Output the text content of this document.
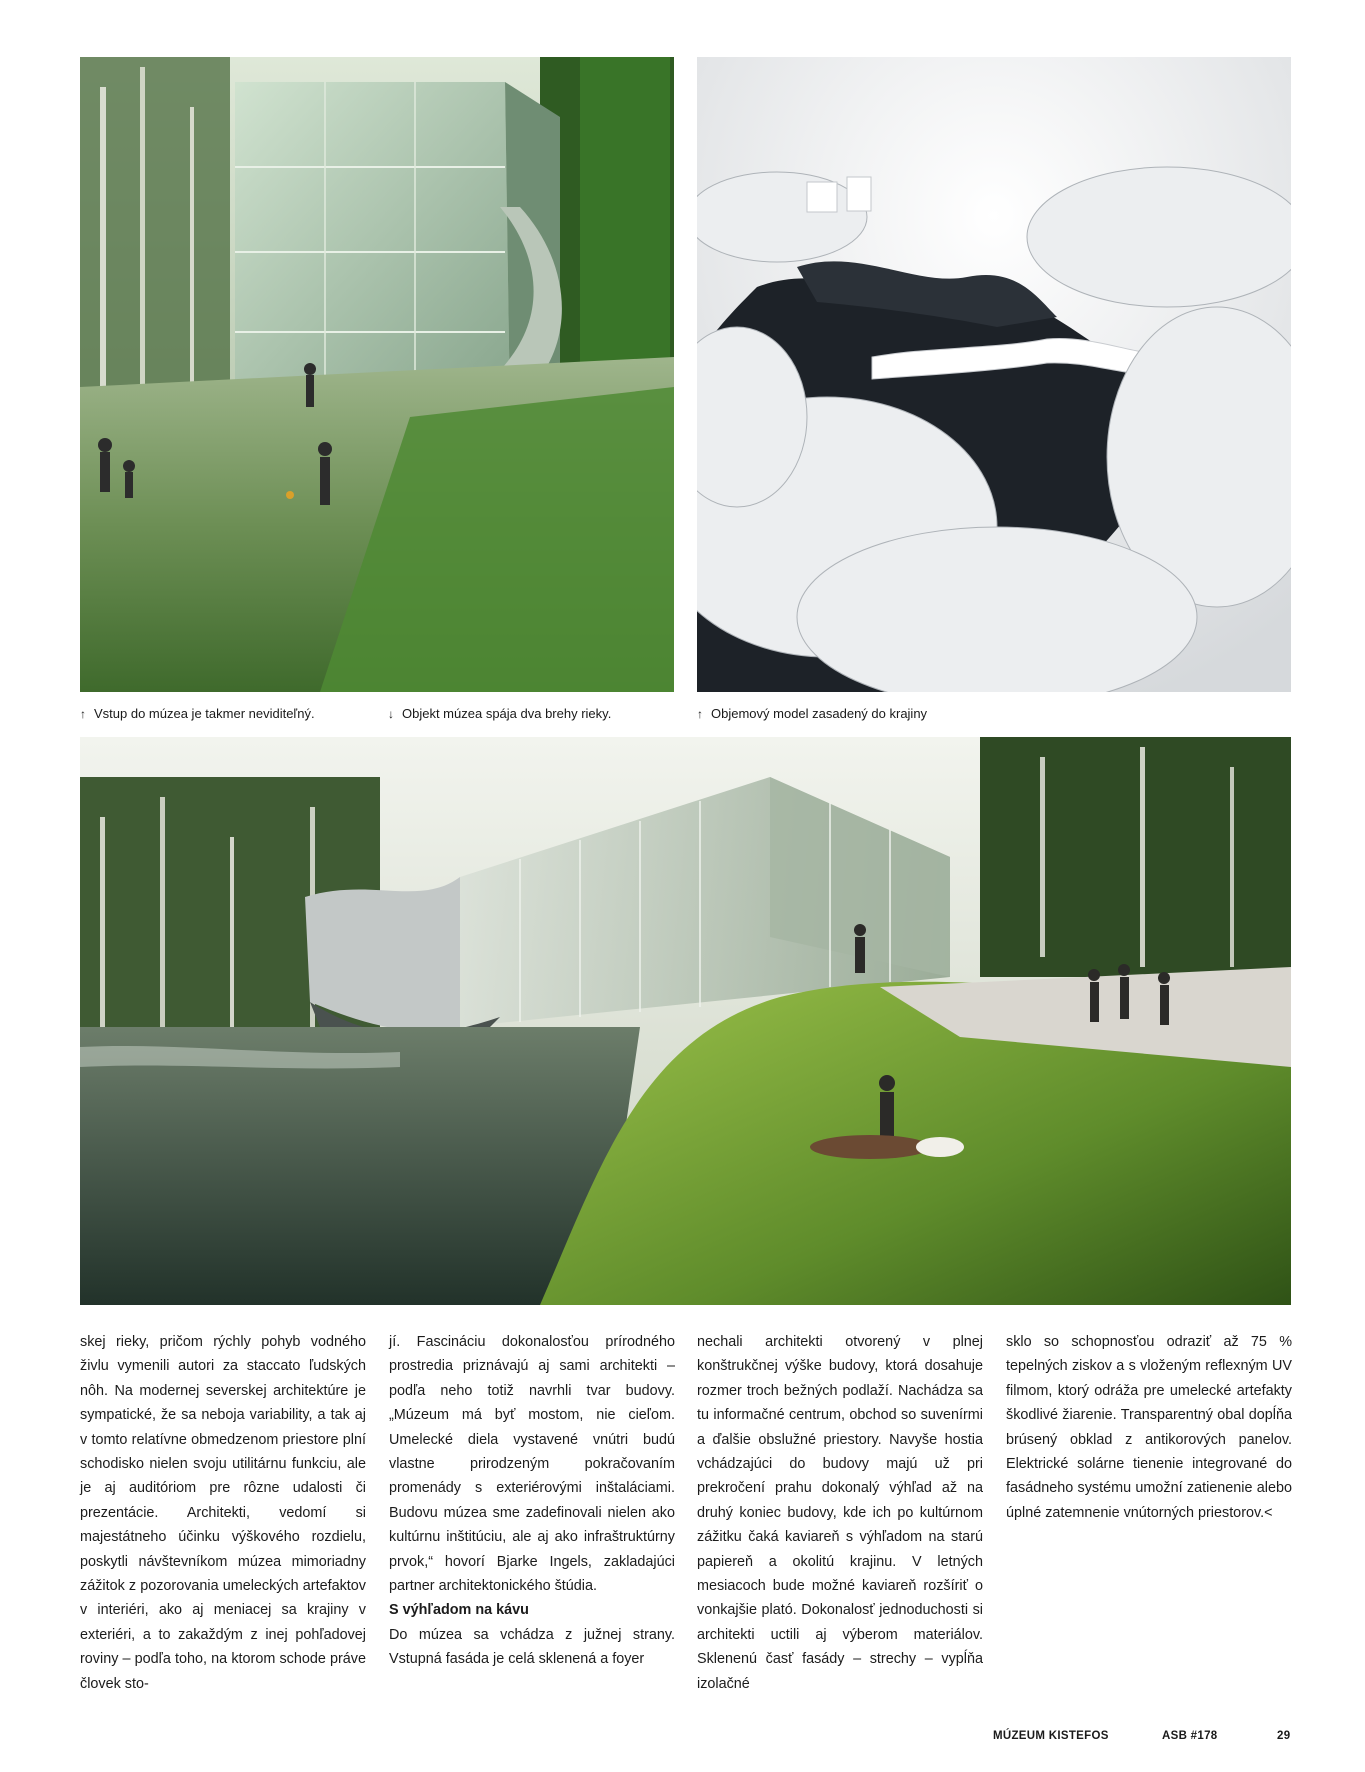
↑ Vstup do múzea je takmer neviditeľný.	↓ Objekt múzea spája dva brehy rieky.	↑ Objemový model zasadený do krajiny

skej rieky, pričom rýchly pohyb vodného živlu vymenili autori za staccato ľudských nôh. Na modernej severskej architektúre je sympatické, že sa neboja variability, a tak aj v tomto relatívne obmedzenom priestore plní schodisko nielen svoju utilitárnu funkciu, ale je aj auditóriom pre rôzne udalosti či prezentácie. Architekti, vedomí si majestátneho účinku výškového rozdielu, poskytli návštevníkom múzea mimoriadny zážitok z pozorovania umeleckých artefaktov v interiéri, ako aj meniacej sa krajiny v exteriéri, a to zakaždým z inej pohľadovej roviny – podľa toho, na ktorom schode práve človek sto-

jí. Fascináciu dokonalosťou prírodného prostredia priznávajú aj sami architekti – podľa neho totiž navrhli tvar budovy. „Múzeum má byť mostom, nie cieľom. Umelecké diela vystavené vnútri budú vlastne prirodzeným pokračovaním promenády s exteriérovými inštaláciami. Budovu múzea sme zadefinovali nielen ako kultúrnu inštitúciu, ale aj ako infraštruktúrny prvok,“ hovorí Bjarke Ingels, zakladajúci partner architektonického štúdia.

S výhľadom na kávu

Do múzea sa vchádza z južnej strany. Vstupná fasáda je celá sklenená a foyer

nechali architekti otvorený v plnej konštrukčnej výške budovy, ktorá dosahuje rozmer troch bežných podlaží. Nachádza sa tu informačné centrum, obchod so suvenírmi a ďalšie obslužné priestory. Navyše hostia vchádzajúci do budovy majú už pri prekročení prahu dokonalý výhľad až na druhý koniec budovy, kde ich po kultúrnom zážitku čaká kaviareň s výhľadom na starú papiereň a okolitú krajinu. V letných mesiacoch bude možné kaviareň rozšíriť o vonkajšie plató. Dokonalosť jednoduchosti si architekti uctili aj výberom materiálov. Sklenenú časť fasády – strechy – vypĺňa izolačné

sklo so schopnosťou odraziť až 75 % tepelných ziskov a s vloženým reflexným UV filmom, ktorý odráža pre umelecké artefakty škodlivé žiarenie. Transparentný obal dopĺňa brúsený obklad z antikorových panelov. Elektrické solárne tienenie integrované do fasádneho systému umožní zatienenie alebo úplné zatemnenie vnútorných priestorov.<

MÚZEUM KISTEFOS	ASB #178	29
